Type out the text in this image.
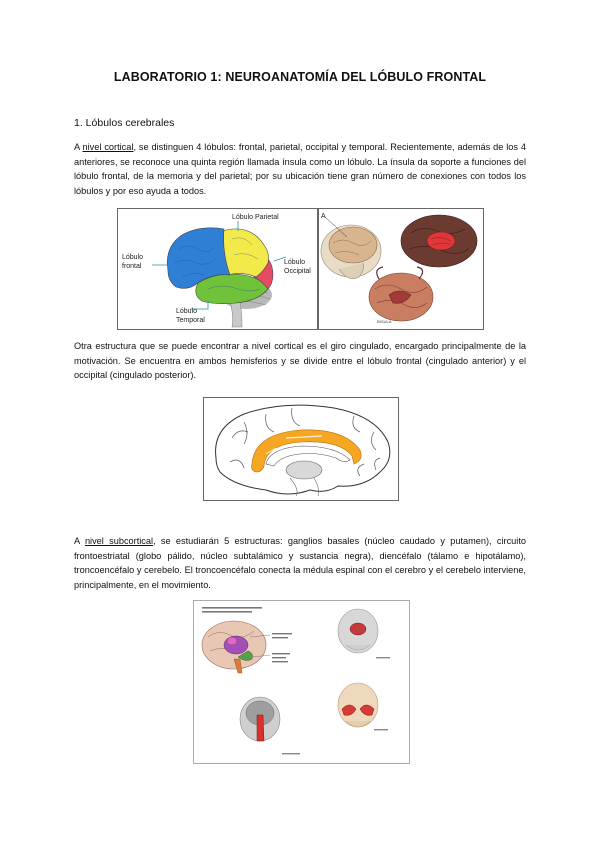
LABORATORIO 1: NEUROANATOMÍA DEL LÓBULO FRONTAL
1. Lóbulos cerebrales

A nivel cortical, se distinguen 4 lóbulos: frontal, parietal, occipital y temporal. Recientemente, además de los 4 anteriores, se reconoce una quinta región llamada ínsula como un lóbulo. La ínsula da soporte a funciones del lóbulo frontal, de la memoria y del parietal; por su ubicación tiene gran número de conexiones con todos los lóbulos y por eso ayuda a todos.

Lóbulo Parietal
Lóbulo
frontal
Lóbulo
Occipital
Lóbulo
Temporal
A
ÍNSULA

Otra estructura que se puede encontrar a nivel cortical es el giro cingulado, encargado principalmente de la motivación. Se encuentra en ambos hemisferios y se divide entre el lóbulo frontal (cingulado anterior) y el occipital (cingulado posterior).

A nivel subcortical, se estudiarán 5 estructuras: ganglios basales (núcleo caudado y putamen), circuito frontoestriatal (globo pálido, núcleo subtalámico y sustancia negra), diencéfalo (tálamo e hipotálamo), troncoencéfalo y cerebelo. El troncoencéfalo conecta la médula espinal con el cerebro y el cerebelo interviene, principalmente, en el movimiento.
